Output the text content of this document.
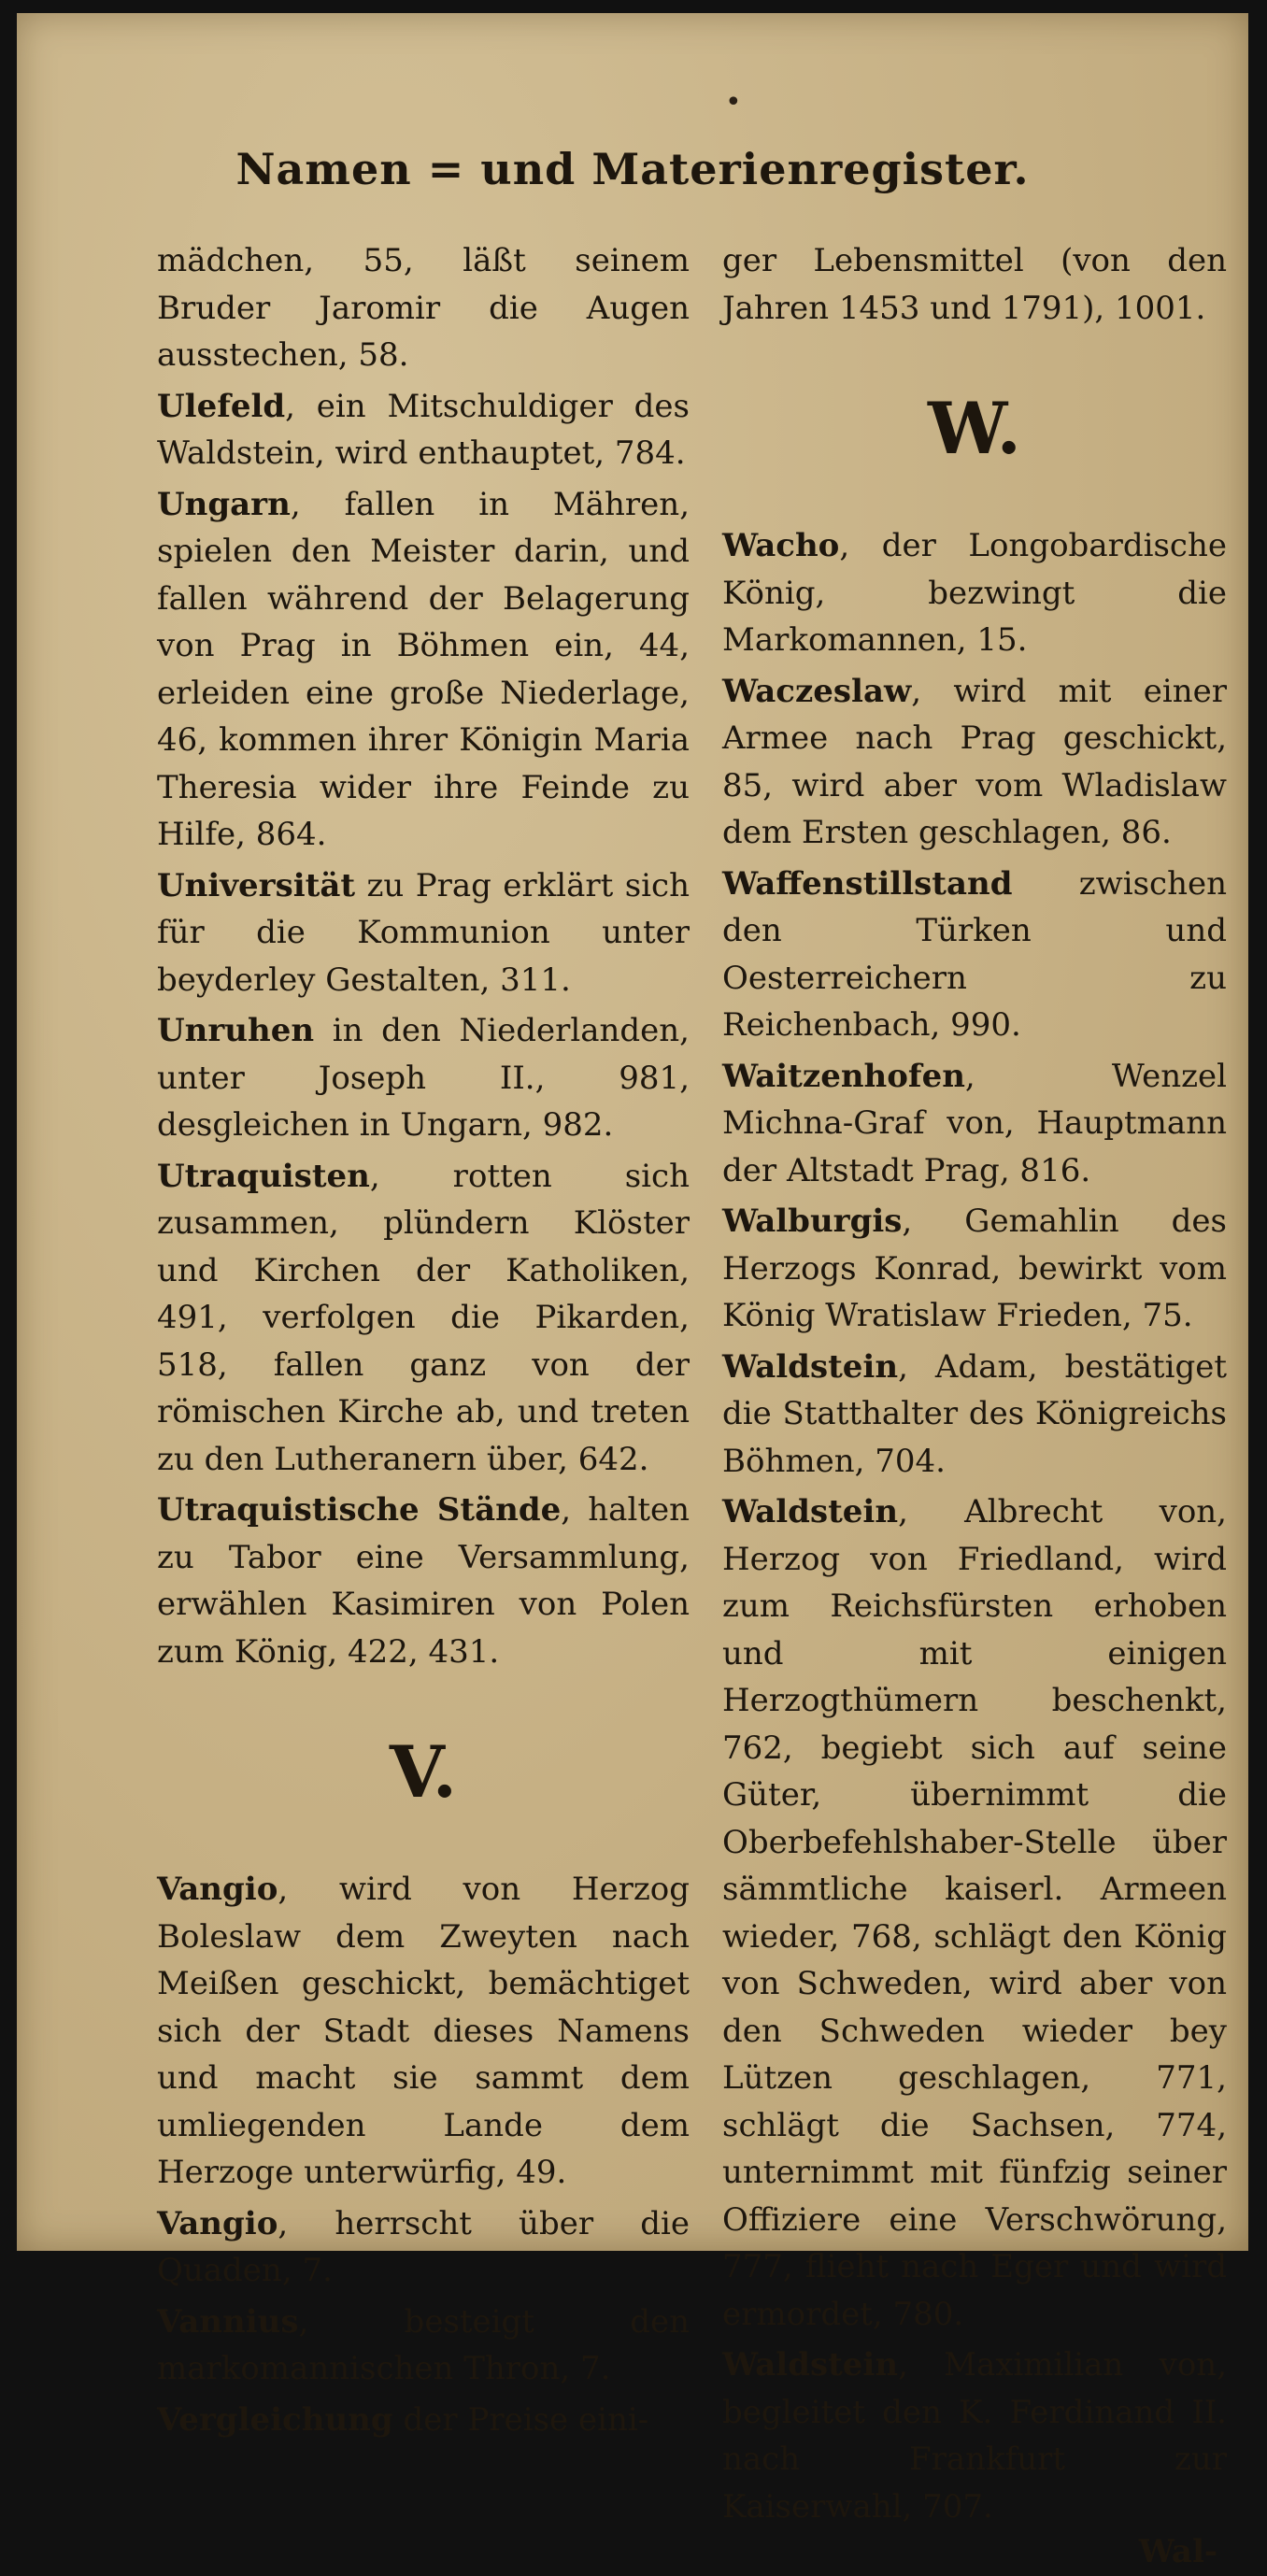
•
Namen = und Materienregister.

mädchen, 55, läßt seinem Bruder Jaromir die Augen ausstechen, 58.

Ulefeld, ein Mitschuldiger des Waldstein, wird enthauptet, 784.

Ungarn, fallen in Mähren, spielen den Meister darin, und fallen während der Belagerung von Prag in Böhmen ein, 44, erleiden eine große Niederlage, 46, kommen ihrer Königin Maria Theresia wider ihre Feinde zu Hilfe, 864.

Universität zu Prag erklärt sich für die Kommunion unter beyderley Gestalten, 311.

Unruhen in den Niederlanden, unter Joseph II., 981, desgleichen in Ungarn, 982.

Utraquisten, rotten sich zusammen, plündern Klöster und Kirchen der Katholiken, 491, verfolgen die Pikarden, 518, fallen ganz von der römischen Kirche ab, und treten zu den Lutheranern über, 642.

Utraquistische Stände, halten zu Tabor eine Versammlung, erwählen Kasimiren von Polen zum König, 422, 431.

V.

Vangio, wird von Herzog Boleslaw dem Zweyten nach Meißen geschickt, bemächtiget sich der Stadt dieses Namens und macht sie sammt dem umliegenden Lande dem Herzoge unterwürfig, 49.

Vangio, herrscht über die Quaden, 7.

Vannius, besteigt den markomannischen Thron, 7.

Vergleichung der Preise eini-

ger Lebensmittel (von den Jahren 1453 und 1791), 1001.

W.

Wacho, der Longobardische König, bezwingt die Markomannen, 15.

Waczeslaw, wird mit einer Armee nach Prag geschickt, 85, wird aber vom Wladislaw dem Ersten geschlagen, 86.

Waffenstillstand zwischen den Türken und Oesterreichern zu Reichenbach, 990.

Waitzenhofen, Wenzel Michna-Graf von, Hauptmann der Altstadt Prag, 816.

Walburgis, Gemahlin des Herzogs Konrad, bewirkt vom König Wratislaw Frieden, 75.

Waldstein, Adam, bestätiget die Statthalter des Königreichs Böhmen, 704.

Waldstein, Albrecht von, Herzog von Friedland, wird zum Reichsfürsten erhoben und mit einigen Herzogthümern beschenkt, 762, begiebt sich auf seine Güter, übernimmt die Oberbefehlshaber-Stelle über sämmtliche kaiserl. Armeen wieder, 768, schlägt den König von Schweden, wird aber von den Schweden wieder bey Lützen geschlagen, 771, schlägt die Sachsen, 774, unternimmt mit fünfzig seiner Offiziere eine Verschwörung, 777, flieht nach Eger und wird ermordet, 780.

Waldstein, Maximilian von, begleitet den K. Ferdinand II. nach Frankfurt zur Kaiserwahl, 707.

Wal-
